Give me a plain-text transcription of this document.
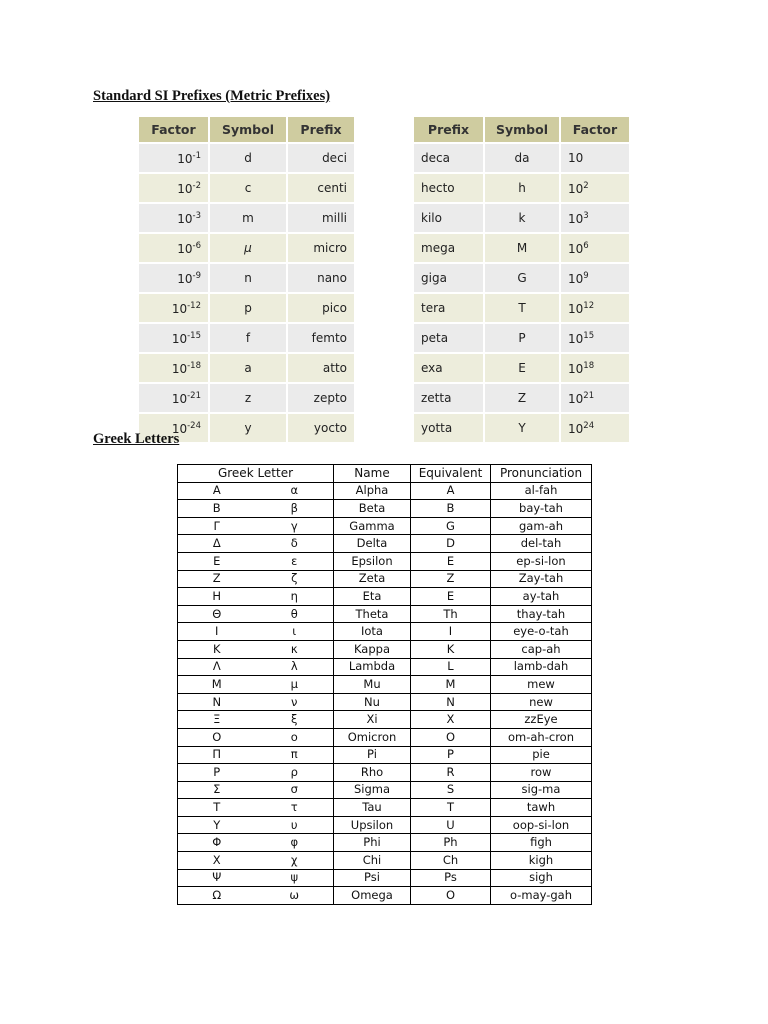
Standard SI Prefixes (Metric Prefixes)
Factor	Symbol	Prefix
$10^{-1}$	d	deci
$10^{-2}$	c	centi
$10^{-3}$	m	milli
$10^{-6}$	μ	micro
$10^{-9}$	n	nano
$10^{-12}$	p	pico
$10^{-15}$	f	femto
$10^{-18}$	a	atto
$10^{-21}$	z	zepto
$10^{-24}$	y	yocto
Prefix	Symbol	Factor
deca	da	10
hecto	h	$10^2$
kilo	k	$10^3$
mega	M	$10^6$
giga	G	$10^9$
tera	T	$10^{12}$
peta	P	$10^{15}$
exa	E	$10^{18}$
zetta	Z	$10^{21}$
yotta	Y	$10^{24}$
Greek Letters
Greek Letter		Name	Equivalent	Pronunciation
Α	α	Alpha	A	al-fah
Β	β	Beta	B	bay-tah
Γ	γ	Gamma	G	gam-ah
Δ	δ	Delta	D	del-tah
Ε	ε	Epsilon	E	ep-si-lon
Ζ	ζ	Zeta	Z	Zay-tah
Η	η	Eta	E	ay-tah
Θ	θ	Theta	Th	thay-tah
Ι	ι	Iota	I	eye-o-tah
Κ	κ	Kappa	K	cap-ah
Λ	λ	Lambda	L	lamb-dah
Μ	μ	Mu	M	mew
Ν	ν	Nu	N	new
Ξ	ξ	Xi	X	zzEye
Ο	ο	Omicron	O	om-ah-cron
Π	π	Pi	P	pie
Ρ	ρ	Rho	R	row
Σ	σ	Sigma	S	sig-ma
Τ	τ	Tau	T	tawh
Υ	υ	Upsilon	U	oop-si-lon
Φ	φ	Phi	Ph	figh
Χ	χ	Chi	Ch	kigh
Ψ	ψ	Psi	Ps	sigh
Ω	ω	Omega	O	o-may-gah
